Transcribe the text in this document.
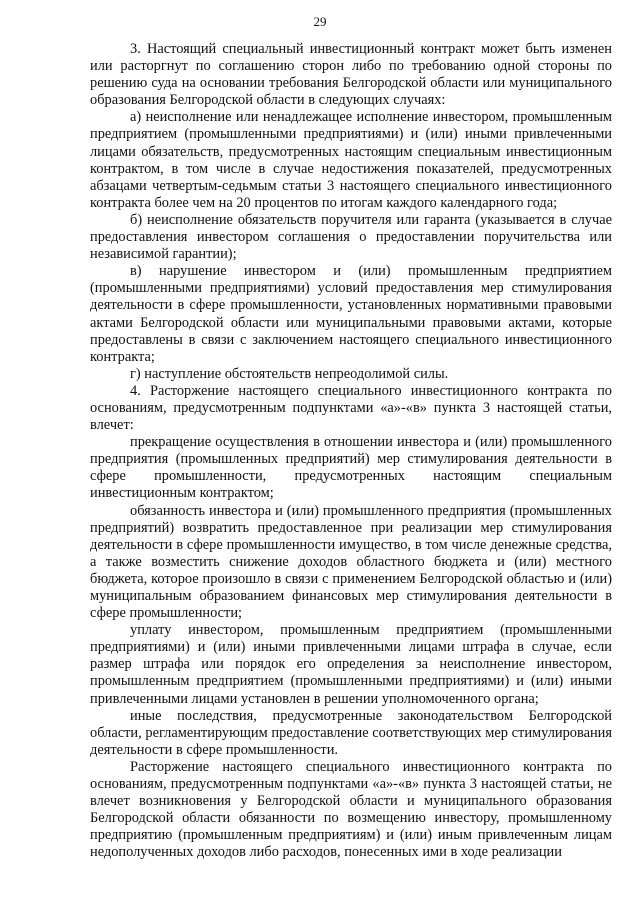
29

3. Настоящий специальный инвестиционный контракт может быть изменен или расторгнут по соглашению сторон либо по требованию одной стороны по решению суда на основании требования Белгородской области или муниципального образования Белгородской области в следующих случаях:

а) неисполнение или ненадлежащее исполнение инвестором, промышленным предприятием (промышленными предприятиями) и (или) иными привлеченными лицами обязательств, предусмотренных настоящим специальным инвестиционным контрактом, в том числе в случае недостижения показателей, предусмотренных абзацами четвертым-седьмым статьи 3 настоящего специального инвестиционного контракта более чем на 20 процентов по итогам каждого календарного года;

б) неисполнение обязательств поручителя или гаранта (указывается в случае предоставления инвестором соглашения о предоставлении поручительства или независимой гарантии);

в) нарушение инвестором и (или) промышленным предприятием (промышленными предприятиями) условий предоставления мер стимулирования деятельности в сфере промышленности, установленных нормативными правовыми актами Белгородской области или муниципальными правовыми актами, которые предоставлены в связи с заключением настоящего специального инвестиционного контракта;

г) наступление обстоятельств непреодолимой силы.

4. Расторжение настоящего специального инвестиционного контракта по основаниям, предусмотренным подпунктами «а»-«в» пункта 3 настоящей статьи, влечет:

прекращение осуществления в отношении инвестора и (или) промышленного предприятия (промышленных предприятий) мер стимулирования деятельности в сфере промышленности, предусмотренных настоящим специальным инвестиционным контрактом;

обязанность инвестора и (или) промышленного предприятия (промышленных предприятий) возвратить предоставленное при реализации мер стимулирования деятельности в сфере промышленности имущество, в том числе денежные средства, а также возместить снижение доходов областного бюджета и (или) местного бюджета, которое произошло в связи с применением Белгородской областью и (или) муниципальным образованием финансовых мер стимулирования деятельности в сфере промышленности;

уплату инвестором, промышленным предприятием (промышленными предприятиями) и (или) иными привлеченными лицами штрафа в случае, если размер штрафа или порядок его определения за неисполнение инвестором, промышленным предприятием (промышленными предприятиями) и (или) иными привлеченными лицами установлен в решении уполномоченного органа;

иные последствия, предусмотренные законодательством Белгородской области, регламентирующим предоставление соответствующих мер стимулирования деятельности в сфере промышленности.

Расторжение настоящего специального инвестиционного контракта по основаниям, предусмотренным подпунктами «а»-«в» пункта 3 настоящей статьи, не влечет возникновения у Белгородской области и муниципального образования Белгородской области обязанности по возмещению инвестору, промышленному предприятию (промышленным предприятиям) и (или) иным привлеченным лицам недополученных доходов либо расходов, понесенных ими в ходе реализации
